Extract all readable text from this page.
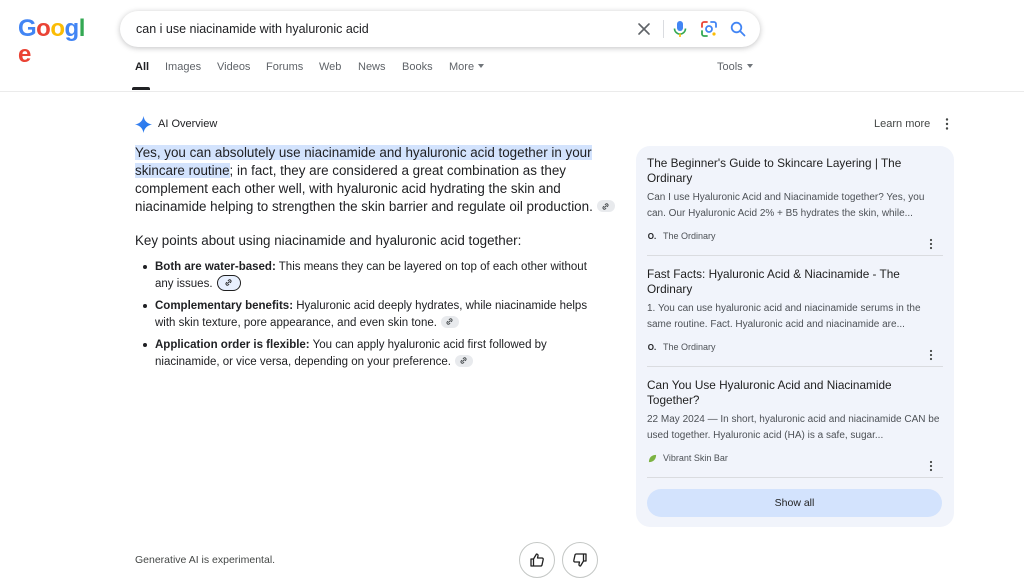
Google
can i use niacinamide with hyaluronic acid	All Images Videos Forums Web News Books More	Tools
AI Overview	Learn more

Yes, you can absolutely use niacinamide and hyaluronic acid together in your skincare routine; in fact, they are considered a great combination as they complement each other well, with hyaluronic acid hydrating the skin and niacinamide helping to strengthen the skin barrier and regulate oil production.

Key points about using niacinamide and hyaluronic acid together:

Both are water-based: This means they can be layered on top of each other without any issues.
Complementary benefits: Hyaluronic acid deeply hydrates, while niacinamide helps with skin texture, pore appearance, and even skin tone.
Application order is flexible: You can apply hyaluronic acid first followed by niacinamide, or vice versa, depending on your preference.
The Beginner's Guide to Skincare Layering | The Ordinary
Can I use Hyaluronic Acid and Niacinamide together? Yes, you can. Our Hyaluronic Acid 2% + B5 hydrates the skin, while...
O. The Ordinary
Fast Facts: Hyaluronic Acid & Niacinamide - The Ordinary
1. You can use hyaluronic acid and niacinamide serums in the same routine. Fact. Hyaluronic acid and niacinamide are...
O. The Ordinary
Can You Use Hyaluronic Acid and Niacinamide Together?
22 May 2024 — In short, hyaluronic acid and niacinamide CAN be used together. Hyaluronic acid (HA) is a safe, sugar...
Vibrant Skin Bar
Show all
Generative AI is experimental.
